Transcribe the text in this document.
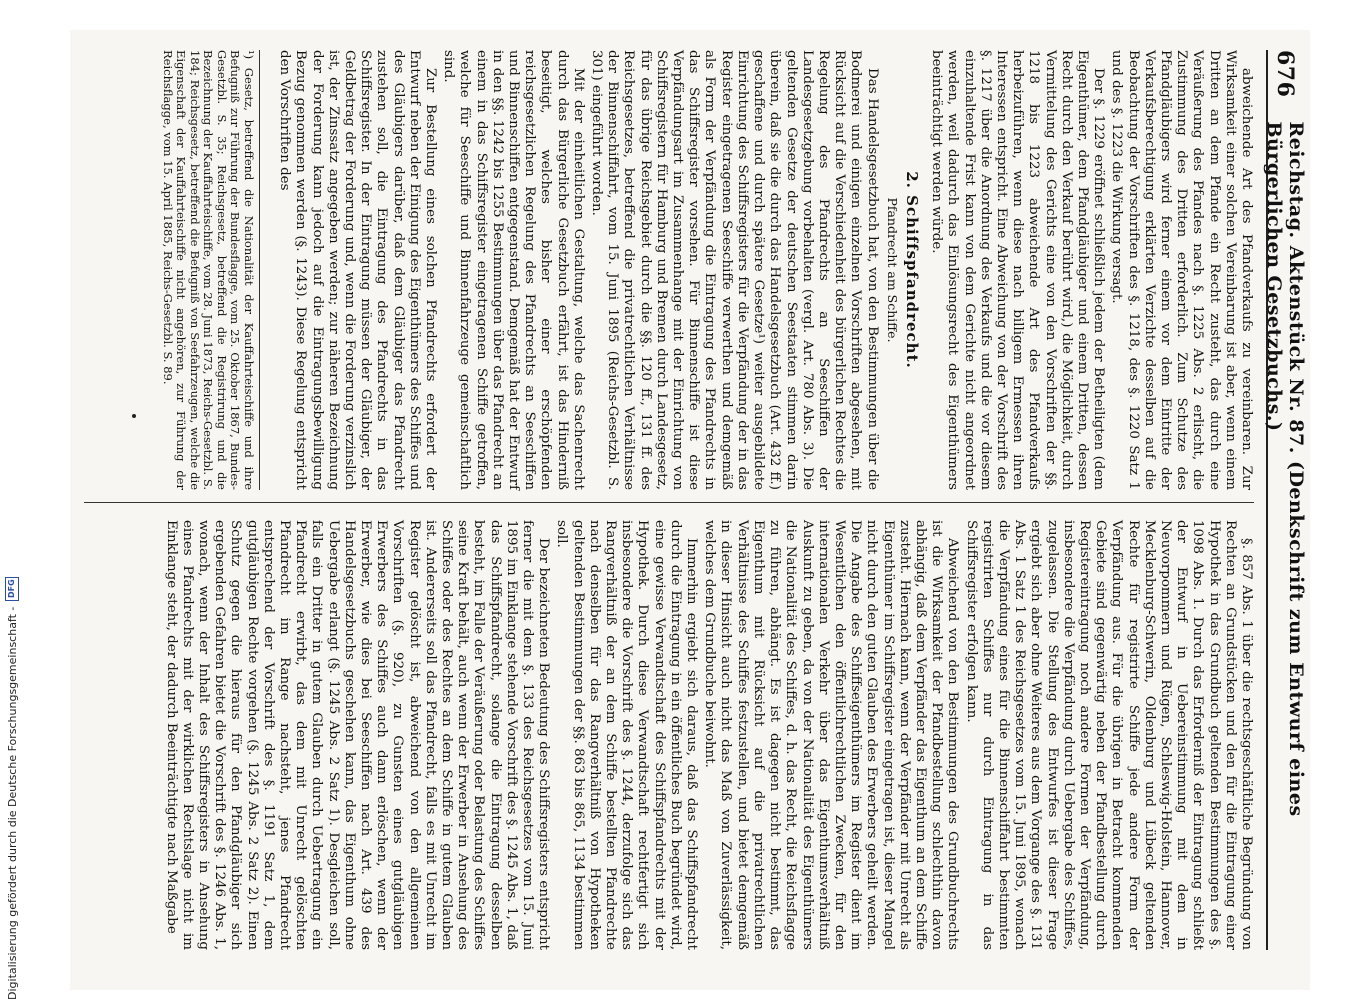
676
Reichstag. Aktenstück Nr. 87. (Denkschrift zum Entwurf eines Bürgerlichen Gesetzbuchs.)

abweichende Art des Pfandverkaufs zu vereinbaren. Zur Wirksamkeit einer solchen Vereinbarung ist aber, wenn einem Dritten an dem Pfande ein Recht zusteht, das durch eine Veräußerung des Pfandes nach §. 1225 Abs. 2 erlischt, die Zustimmung des Dritten erforderlich. Zum Schutze des Pfandgläubigers wird ferner einem vor dem Eintritte der Verkaufsberechtigung erklärten Verzichte desselben auf die Beobachtung der Vorschriften des §. 1218, des §. 1220 Satz 1 und des §. 1223 die Wirkung versagt.

Der §. 1229 eröffnet schließlich jedem der Betheiligten (dem Eigenthümer, dem Pfandgläubiger und einem Dritten, dessen Recht durch den Verkauf berührt wird,) die Möglichkeit, durch Vermittelung des Gerichts eine von den Vorschriften der §§. 1218 bis 1223 abweichende Art des Pfandverkaufs herbeizuführen, wenn diese nach billigem Ermessen ihren Interessen entspricht. Eine Abweichung von der Vorschrift des §. 1217 über die Anordnung des Verkaufs und die vor diesem einzuhaltende Frist kann von dem Gerichte nicht angeordnet werden, weil dadurch das Einlösungsrecht des Eigenthümers beeinträchtigt werden würde.

2. Schiffspfandrecht.

Pfandrecht am Schiffe.

Das Handelsgesetzbuch hat, von den Bestimmungen über die Bodmerei und einigen einzelnen Vorschriften abgesehen, mit Rücksicht auf die Verschiedenheit des bürgerlichen Rechtes die Regelung des Pfandrechts an Seeschiffen der Landesgesetzgebung vorbehalten (vergl. Art. 780 Abs. 3). Die geltenden Gesetze der deutschen Seestaaten stimmen darin überein, daß sie die durch das Handelsgesetzbuch (Art. 432 ff.) geschaffene und durch spätere Gesetze¹) weiter ausgebildete Einrichtung des Schiffsregisters für die Verpfändung der in das Register eingetragenen Seeschiffe verwerthen und demgemäß als Form der Verpfändung die Eintragung des Pfandrechts in das Schiffsregister vorsehen. Für Binnenschiffe ist diese Verpfändungsart im Zusammenhange mit der Einrichtung von Schiffsregistern für Hamburg und Bremen durch Landesgesetz, für das übrige Reichsgebiet durch die §§. 120 ff., 131 ff. des Reichsgesetzes, betreffend die privatrechtlichen Verhältnisse der Binnenschiffahrt, vom 15. Juni 1895 (Reichs-Gesetzbl. S. 301) eingeführt worden.

Mit der einheitlichen Gestaltung, welche das Sachenrecht durch das Bürgerliche Gesetzbuch erfährt, ist das Hinderniß beseitigt, welches bisher einer erschöpfenden reichsgesetzlichen Regelung des Pfandrechts an Seeschiffen und Binnenschiffen entgegenstand. Demgemäß hat der Entwurf in den §§. 1242 bis 1255 Bestimmungen über das Pfandrecht an einem in das Schiffsregister eingetragenen Schiffe getroffen, welche für Seeschiffe und Binnenfahrzeuge gemeinschaftlich sind.

Zur Bestellung eines solchen Pfandrechts erfordert der Entwurf neben der Einigung des Eigenthümers des Schiffes und des Gläubigers darüber, daß dem Gläubiger das Pfandrecht zustehen soll, die Eintragung des Pfandrechts in das Schiffsregister. In der Eintragung müssen der Gläubiger, der Geldbetrag der Forderung und, wenn die Forderung verzinslich ist, der Zinssatz angegeben werden; zur näheren Bezeichnung der Forderung kann jedoch auf die Eintragungsbewilligung Bezug genommen werden (§. 1243). Diese Regelung entspricht den Vorschriften des

¹) Gesetz, betreffend die Nationalität der Kauffahrteischiffe und ihre Befugniß zur Führung der Bundesflagge, vom 25. Oktober 1867, Bundes-Gesetzbl. S. 35; Reichsgesetz, betreffend die Registrirung und die Bezeichnung der Kauffahrteischiffe, vom 28. Juni 1873, Reichs-Gesetzbl. S. 184; Reichsgesetz, betreffend die Befugniß von Seefahrzeugen, welche die Eigenschaft der Kauffahrteischiffe nicht angehören, zur Führung der Reichsflagge, vom 15. April 1885, Reichs-Gesetzbl. S. 89.

§. 857 Abs. 1 über die rechtsgeschäftliche Begründung von Rechten an Grundstücken und den für die Eintragung einer Hypothek in das Grundbuch geltenden Bestimmungen des §. 1098 Abs. 1. Durch das Erforderniß der Eintragung schließt der Entwurf in Uebereinstimmung mit dem in Neuvorpommern und Rügen, Schleswig-Holstein, Hannover, Mecklenburg-Schwerin, Oldenburg und Lübeck geltenden Rechte für registrirte Schiffe jede andere Form der Verpfändung aus. Für die übrigen in Betracht kommenden Gebiete sind gegenwärtig neben der Pfandbestellung durch Registereintragung noch andere Formen der Verpfändung, insbesondere die Verpfändung durch Uebergabe des Schiffes, zugelassen. Die Stellung des Entwurfes ist dieser Frage ergiebt sich aber ohne Weiteres aus dem Vorgange des §. 131 Abs. 1 Satz 1 des Reichsgesetzes vom 15. Juni 1895, wonach die Verpfändung eines für die Binnenschiffahrt bestimmten registrirten Schiffes nur durch Eintragung in das Schiffsregister erfolgen kann.

Abweichend von den Bestimmungen des Grundbuchrechts ist die Wirksamkeit der Pfandbestellung schlechthin davon abhängig, daß dem Verpfänder das Eigenthum an dem Schiffe zusteht. Hiernach kann, wenn der Verpfänder mit Unrecht als Eigenthümer im Schiffsregister eingetragen ist, dieser Mangel nicht durch den guten Glauben des Erwerbers geheilt werden. Die Angabe des Schiffseigenthümers im Register dient im Wesentlichen den öffentlichrechtlichen Zwecken, für den internationalen Verkehr über das Eigenthumsverhältniß Auskunft zu geben, da von der Nationalität des Eigenthümers die Nationalität des Schiffes, d. h. das Recht, die Reichsflagge zu führen, abhängt. Es ist dagegen nicht bestimmt, das Eigenthum mit Rücksicht auf die privatrechtlichen Verhältnisse des Schiffes festzustellen, und bietet demgemäß in dieser Hinsicht auch nicht das Maß von Zuverlässigkeit, welches dem Grundbuche beiwohnt.

Immerhin ergiebt sich daraus, daß das Schiffspfandrecht durch die Eintragung in ein öffentliches Buch begründet wird, eine gewisse Verwandtschaft des Schiffspfandrechts mit der Hypothek. Durch diese Verwandtschaft rechtfertigt sich insbesondere die Vorschrift des §. 1244, derzufolge sich das Rangverhältniß der an dem Schiffe bestellten Pfandrechte nach denselben für das Rangverhältniß von Hypotheken geltenden Bestimmungen der §§. 863 bis 865, 1134 bestimmen soll.

Der bezeichneten Bedeutung des Schiffsregisters entspricht ferner die mit dem §. 133 des Reichsgesetzes vom 15. Juni 1895 im Einklange stehende Vorschrift des §. 1245 Abs. 1, daß das Schiffspfandrecht, solange die Eintragung desselben besteht, im Falle der Veräußerung oder Belastung des Schiffes seine Kraft behält, auch wenn der Erwerber in Ansehung des Schiffes oder des Rechtes an dem Schiffe in gutem Glauben ist. Andererseits soll das Pfandrecht, falls es mit Unrecht im Register gelöscht ist, abweichend von den allgemeinen Vorschriften (§. 920), zu Gunsten eines gutgläubigen Erwerbers des Schiffes auch dann erlöschen, wenn der Erwerber, wie dies bei Seeschiffen nach Art. 439 des Handelsgesetzbuchs geschehen kann, das Eigenthum ohne Uebergabe erlangt (§. 1245 Abs. 2 Satz 1). Desgleichen soll, falls ein Dritter in gutem Glauben durch Uebertragung ein Pfandrecht erwirbt, das dem mit Unrecht gelöschten Pfandrecht im Range nachsteht, jenes Pfandrecht entsprechend der Vorschrift des §. 1191 Satz 1, dem gutgläubigen Rechte vorgehen (§. 1245 Abs. 2 Satz 2). Einen Schutz gegen die hieraus für den Pfandgläubiger sich ergebenden Gefahren bietet die Vorschrift des §. 1246 Abs. 1, wonach, wenn der Inhalt des Schiffsregisters in Ansehung eines Pfandrechts mit der wirklichen Rechtslage nicht im Einklange steht, der dadurch Beeinträchtigte nach Maßgabe

Digitalisierung gefördert durch die Deutsche Forschungsgemeinschaft -
DFG
